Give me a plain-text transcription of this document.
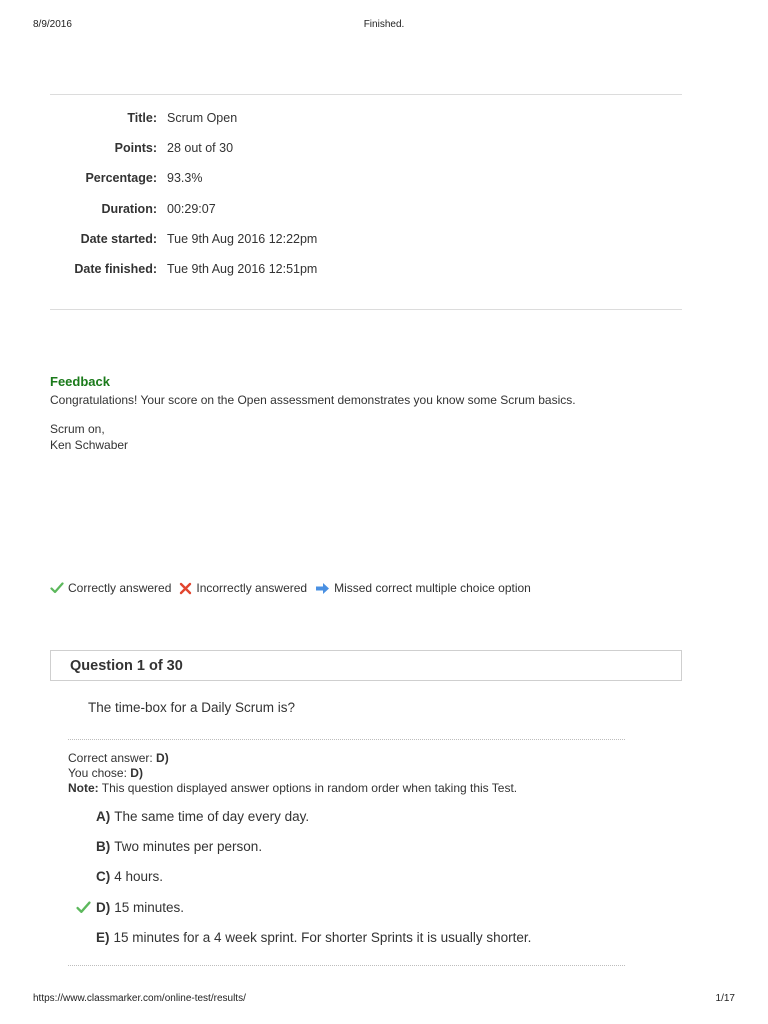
8/9/2016	Finished.
Title: Scrum Open
Points: 28 out of 30
Percentage: 93.3%
Duration: 00:29:07
Date started: Tue 9th Aug 2016 12:22pm
Date finished: Tue 9th Aug 2016 12:51pm
Feedback
Congratulations! Your score on the Open assessment demonstrates you know some Scrum basics.
Scrum on,
Ken Schwaber
Correctly answered Incorrectly answered Missed correct multiple choice option
Question 1 of 30
The time-box for a Daily Scrum is?
Correct answer: D)
You chose: D)
Note: This question displayed answer options in random order when taking this Test.
A) The same time of day every day.
B) Two minutes per person.
C) 4 hours.
D) 15 minutes.
E) 15 minutes for a 4 week sprint. For shorter Sprints it is usually shorter.
https://www.classmarker.com/online-test/results/	1/17
